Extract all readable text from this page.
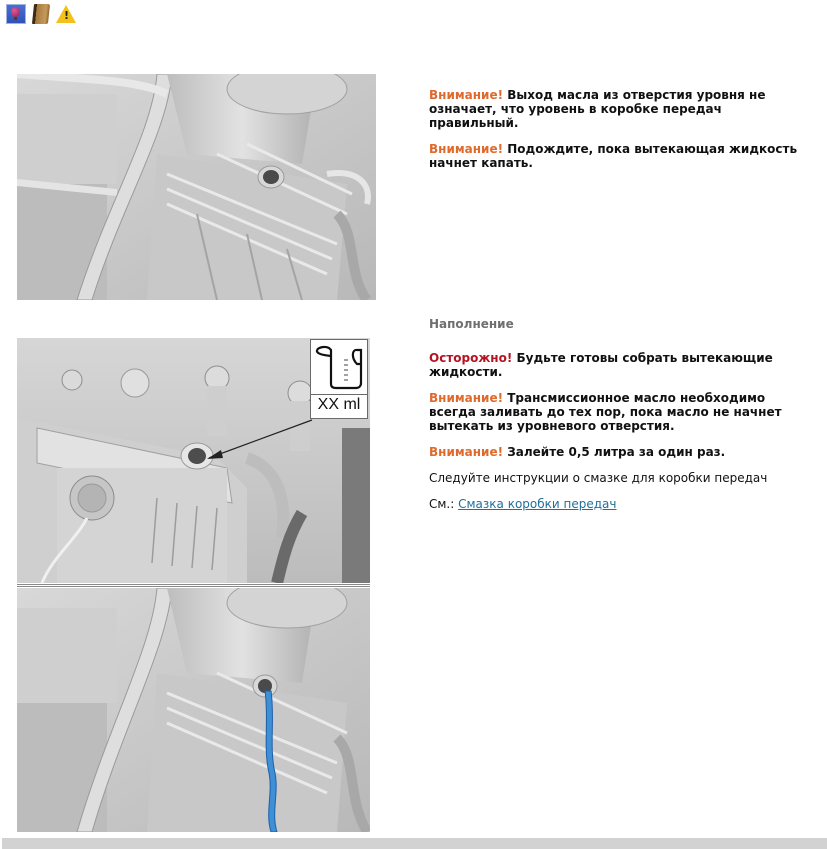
!

Внимание! Выход масла из отверстия уровня не означает, что уровень в коробке передач правильный.

Внимание! Подождите, пока вытекающая жидкость начнет капать.

XX ml
Наполнение

Осторожно! Будьте готовы собрать вытекающие жидкости.

Внимание! Трансмиссионное масло необходимо всегда заливать до тех пор, пока масло не начнет вытекать из уровневого отверстия.

Внимание! Залейте 0,5 литра за один раз.

Следуйте инструкции о смазке для коробки передач

См.: Смазка коробки передач
